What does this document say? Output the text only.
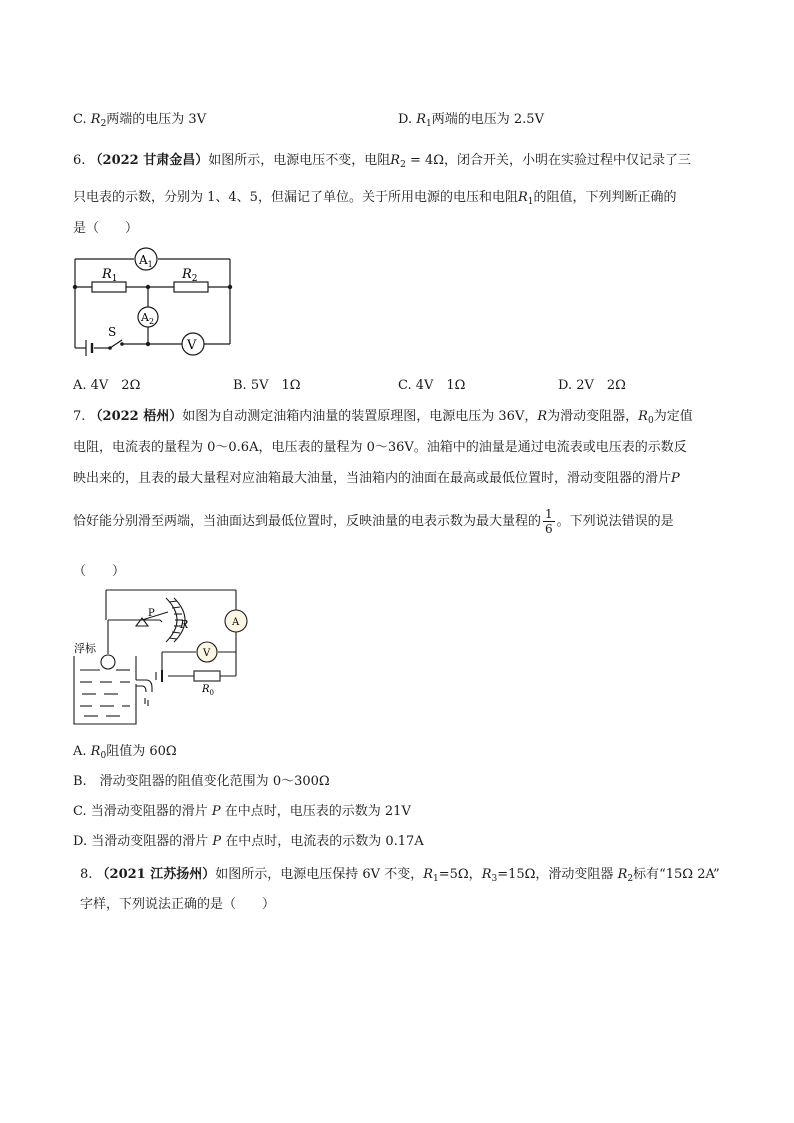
C. $R_2$两端的电压为 3V	D. $R_1$两端的电压为 2.5V
6. （2022 甘肃金昌）如图所示，电源电压不变，电阻$R_2 = 4\Omega$，闭合开关，小明在实验过程中仅记录了三
只电表的示数，分别为 1、4、5，但漏记了单位。关于所用电源的电压和电阻$R_1$的阻值，下列判断正确的
是（　　）
$A_1$
$A_2$
V
$R_1$	$R_2$
S
A. 4V　2Ω	B. 5V　1Ω	C. 4V　1Ω	D. 2V　2Ω
7. （2022 梧州）如图为自动测定油箱内油量的装置原理图，电源电压为 36V，R为滑动变阻器，$R_0$为定值
电阻，电流表的量程为 0～0.6A，电压表的量程为 0～36V。油箱中的油量是通过电流表或电压表的示数反
映出来的，且表的最大量程对应油箱最大油量，当油箱内的油面在最高或最低位置时，滑动变阻器的滑片P
恰好能分别滑至两端，当油面达到最低位置时，反映油量的电表示数为最大量程的 $\frac{1}{6}$ 。下列说法错误的是
（　　）
浮标
P
R	A
V
$R_0$
A. $R_0$阻值为 60Ω
B.　滑动变阻器的阻值变化范围为 0～300Ω
C. 当滑动变阻器的滑片 P 在中点时，电压表的示数为 21V
D. 当滑动变阻器的滑片 P 在中点时，电流表的示数为 0.17A
8. （2021 江苏扬州）如图所示，电源电压保持 6V 不变，$R_1=5\Omega$，$R_3=15\Omega$，滑动变阻器 $R_2$标有“15Ω 2A”
字样，下列说法正确的是（　　）
